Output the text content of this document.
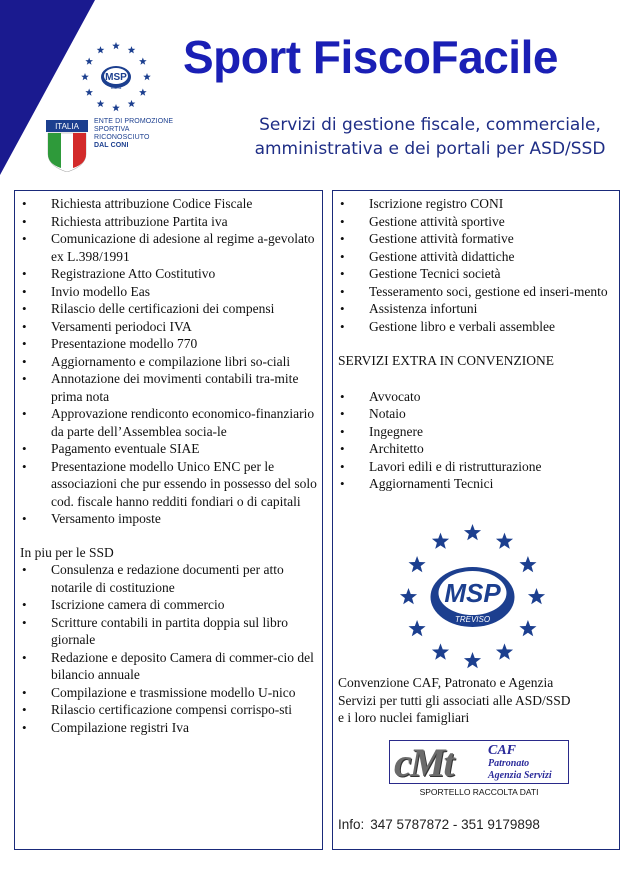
MSP
Italia
ITALIA
ENTE DI PROMOZIONE
SPORTIVA
RICONOSCIUTO
DAL CONI
Sport FiscoFacile
Servizi di gestione fiscale, commerciale,
amministrativa e dei portali per ASD/SSD
• Richiesta attribuzione Codice Fiscale
• Richiesta attribuzione Partita iva
• Comunicazione di adesione al regime a-gevolato ex L.398/1991
• Registrazione Atto Costitutivo
• Invio modello Eas
• Rilascio delle certificazioni dei compensi
• Versamenti periodoci IVA
• Presentazione modello 770
• Aggiornamento e compilazione libri so-ciali
• Annotazione dei movimenti contabili tra-mite prima nota
• Approvazione rendiconto economico-finanziario da parte dell’Assemblea socia-le
• Pagamento eventuale SIAE
• Presentazione modello Unico ENC per le associazioni che pur essendo in possesso del solo cod. fiscale hanno redditi fondiari o di capitali
• Versamento imposte
In piu per le SSD
• Consulenza e redazione documenti per atto notarile di costituzione
• Iscrizione camera di commercio
• Scritture contabili in partita doppia sul libro giornale
• Redazione e deposito Camera di commer-cio del bilancio annuale
• Compilazione e trasmissione modello U-nico
• Rilascio certificazione compensi corrispo-sti
• Compilazione registri Iva
• Iscrizione registro CONI
• Gestione attività sportive
• Gestione attività formative
• Gestione attività didattiche
• Gestione Tecnici società
• Tesseramento soci, gestione ed inseri-mento
• Assistenza infortuni
• Gestione libro e verbali assemblee
SERVIZI EXTRA IN CONVENZIONE
• Avvocato
• Notaio
• Ingegnere
• Architetto
• Lavori edili e di ristrutturazione
• Aggiornamenti Tecnici
MSP
TREVISO
Convenzione CAF, Patronato e Agenzia
Servizi per tutti gli associati alle ASD/SSD
e i loro nuclei famigliari
cMt	CAF
Patronato
Agenzia Servizi
SPORTELLO RACCOLTA DATI
Info: 347 5787872 - 351 9179898
